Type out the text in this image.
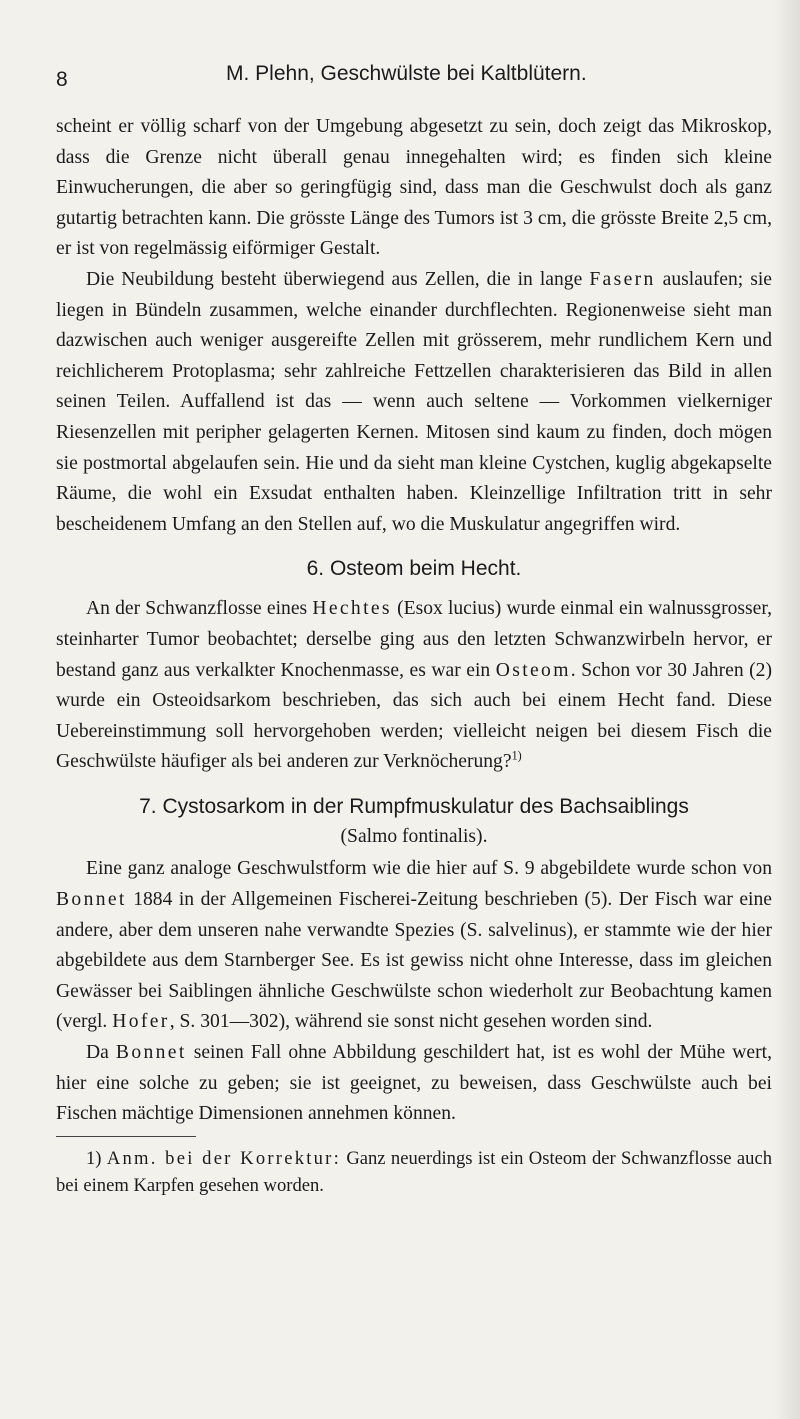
8	M. Plehn, Geschwülste bei Kaltblütern.

scheint er völlig scharf von der Umgebung abgesetzt zu sein, doch zeigt das Mikroskop, dass die Grenze nicht überall genau innegehalten wird; es finden sich kleine Einwucherungen, die aber so geringfügig sind, dass man die Geschwulst doch als ganz gutartig betrachten kann. Die grösste Länge des Tumors ist 3 cm, die grösste Breite 2,5 cm, er ist von regelmässig eiförmiger Gestalt.

Die Neubildung besteht überwiegend aus Zellen, die in lange Fasern auslaufen; sie liegen in Bündeln zusammen, welche einander durchflechten. Regionenweise sieht man dazwischen auch weniger ausgereifte Zellen mit grösserem, mehr rundlichem Kern und reichlicherem Protoplasma; sehr zahlreiche Fettzellen charakterisieren das Bild in allen seinen Teilen. Auffallend ist das — wenn auch seltene — Vorkommen vielkerniger Riesenzellen mit peripher gelagerten Kernen. Mitosen sind kaum zu finden, doch mögen sie postmortal abgelaufen sein. Hie und da sieht man kleine Cystchen, kuglig abgekapselte Räume, die wohl ein Exsudat enthalten haben. Kleinzellige Infiltration tritt in sehr bescheidenem Umfang an den Stellen auf, wo die Muskulatur angegriffen wird.

6. Osteom beim Hecht.

An der Schwanzflosse eines Hechtes (Esox lucius) wurde einmal ein walnussgrosser, steinharter Tumor beobachtet; derselbe ging aus den letzten Schwanzwirbeln hervor, er bestand ganz aus verkalkter Knochenmasse, es war ein Osteom. Schon vor 30 Jahren (2) wurde ein Osteoidsarkom beschrieben, das sich auch bei einem Hecht fand. Diese Uebereinstimmung soll hervorgehoben werden; vielleicht neigen bei diesem Fisch die Geschwülste häufiger als bei anderen zur Verknöcherung?$^{1)}$

7. Cystosarkom in der Rumpfmuskulatur des Bachsaiblings
(Salmo fontinalis).

Eine ganz analoge Geschwulstform wie die hier auf S. 9 abgebildete wurde schon von Bonnet 1884 in der Allgemeinen Fischerei-Zeitung beschrieben (5). Der Fisch war eine andere, aber dem unseren nahe verwandte Spezies (S. salvelinus), er stammte wie der hier abgebildete aus dem Starnberger See. Es ist gewiss nicht ohne Interesse, dass im gleichen Gewässer bei Saiblingen ähnliche Geschwülste schon wiederholt zur Beobachtung kamen (vergl. Hofer, S. 301—302), während sie sonst nicht gesehen worden sind.

Da Bonnet seinen Fall ohne Abbildung geschildert hat, ist es wohl der Mühe wert, hier eine solche zu geben; sie ist geeignet, zu beweisen, dass Geschwülste auch bei Fischen mächtige Dimensionen annehmen können.

1) Anm. bei der Korrektur: Ganz neuerdings ist ein Osteom der Schwanzflosse auch bei einem Karpfen gesehen worden.
